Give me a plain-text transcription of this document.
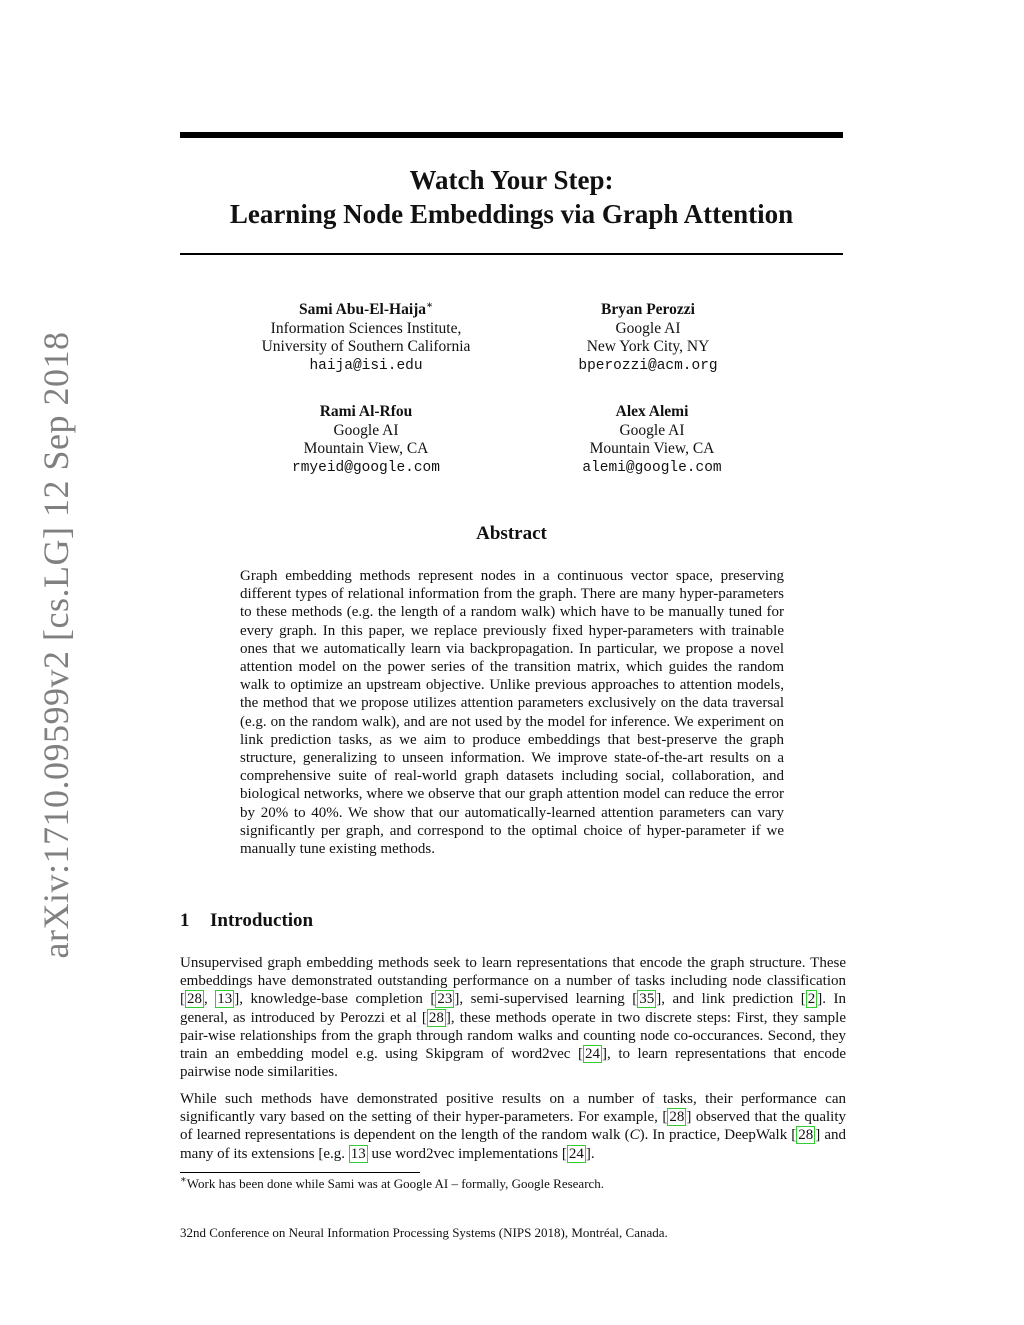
arXiv:1710.09599v2 [cs.LG] 12 Sep 2018
Watch Your Step:
Learning Node Embeddings via Graph Attention
Sami Abu-El-Haija∗
Information Sciences Institute,
University of Southern California
haija@isi.edu
Bryan Perozzi
Google AI
New York City, NY
bperozzi@acm.org
Rami Al-Rfou
Google AI
Mountain View, CA
rmyeid@google.com
Alex Alemi
Google AI
Mountain View, CA
alemi@google.com
Abstract
Graph embedding methods represent nodes in a continuous vector space, preserving different types of relational information from the graph. There are many hyper-parameters to these methods (e.g. the length of a random walk) which have to be manually tuned for every graph. In this paper, we replace previously fixed hyper-parameters with trainable ones that we automatically learn via backpropagation. In particular, we propose a novel attention model on the power series of the transition matrix, which guides the random walk to optimize an upstream objective. Unlike previous approaches to attention models, the method that we propose utilizes attention parameters exclusively on the data traversal (e.g. on the random walk), and are not used by the model for inference. We experiment on link prediction tasks, as we aim to produce embeddings that best-preserve the graph structure, generalizing to unseen information. We improve state-of-the-art results on a comprehensive suite of real-world graph datasets including social, collaboration, and biological networks, where we observe that our graph attention model can reduce the error by 20% to 40%. We show that our automatically-learned attention parameters can vary significantly per graph, and correspond to the optimal choice of hyper-parameter if we manually tune existing methods.
1 Introduction
Unsupervised graph embedding methods seek to learn representations that encode the graph structure. These embeddings have demonstrated outstanding performance on a number of tasks including node classification [ 28 , 13 ], knowledge-base completion [ 23 ], semi-supervised learning [ 35 ], and link prediction [ 2 ]. In general, as introduced by Perozzi et al [ 28 ], these methods operate in two discrete steps: First, they sample pair-wise relationships from the graph through random walks and counting node co-occurances. Second, they train an embedding model e.g. using Skipgram of word2vec [ 24 ], to learn representations that encode pairwise node similarities.
While such methods have demonstrated positive results on a number of tasks, their performance can significantly vary based on the setting of their hyper-parameters. For example, [ 28 ] observed that the quality of learned representations is dependent on the length of the random walk (C). In practice, DeepWalk [ 28 ] and many of its extensions [e.g. 13 use word2vec implementations [ 24 ].
∗Work has been done while Sami was at Google AI – formally, Google Research.
32nd Conference on Neural Information Processing Systems (NIPS 2018), Montréal, Canada.
